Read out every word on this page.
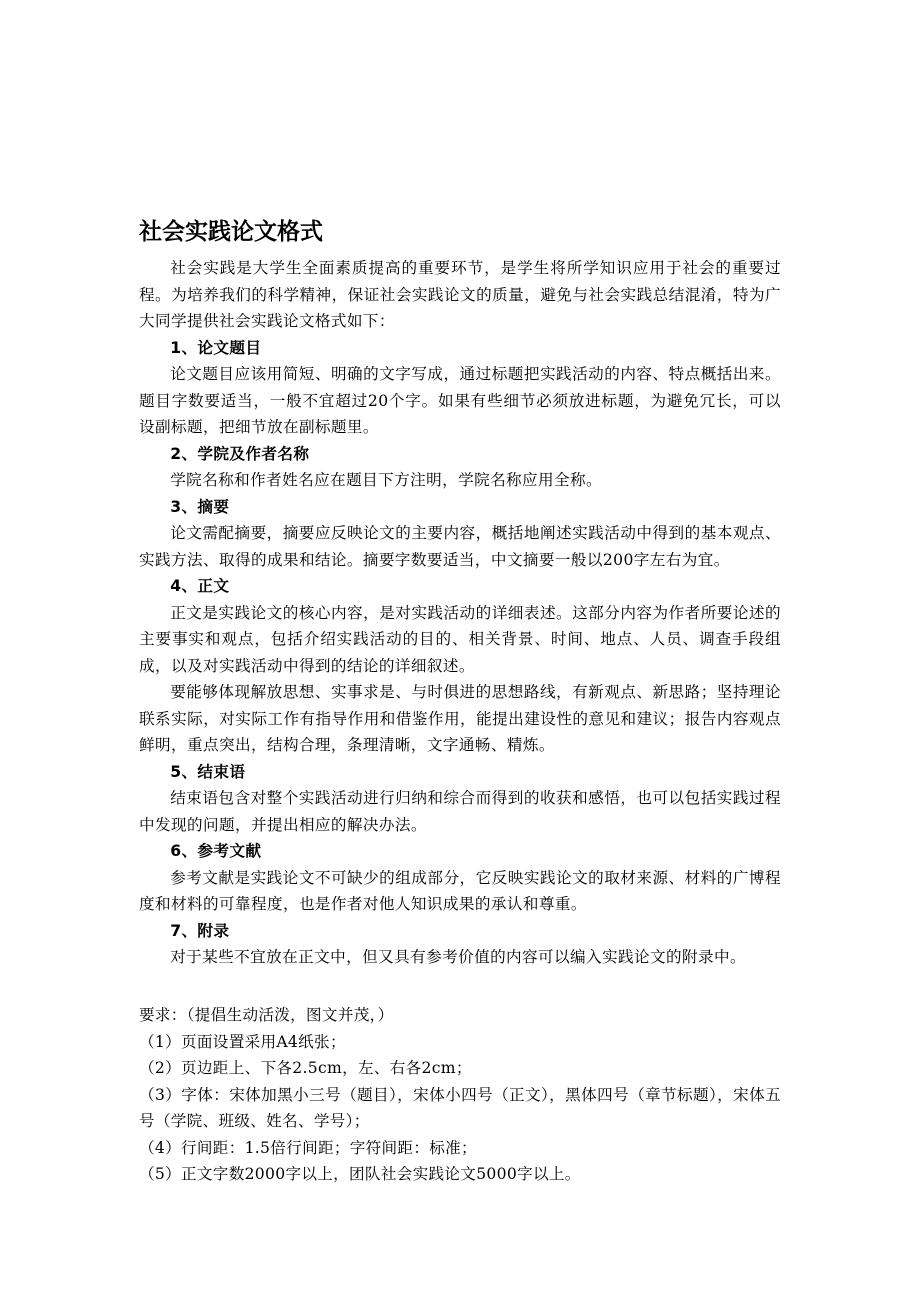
社会实践论文格式

社会实践是大学生全面素质提高的重要环节，是学生将所学知识应用于社会的重要过程。为培养我们的科学精神，保证社会实践论文的质量，避免与社会实践总结混淆，特为广大同学提供社会实践论文格式如下：

1、论文题目

论文题目应该用简短、明确的文字写成，通过标题把实践活动的内容、特点概括出来。题目字数要适当，一般不宜超过20个字。如果有些细节必须放进标题，为避免冗长，可以设副标题，把细节放在副标题里。

2、学院及作者名称

学院名称和作者姓名应在题目下方注明，学院名称应用全称。

3、摘要

论文需配摘要，摘要应反映论文的主要内容，概括地阐述实践活动中得到的基本观点、实践方法、取得的成果和结论。摘要字数要适当，中文摘要一般以200字左右为宜。

4、正文

正文是实践论文的核心内容，是对实践活动的详细表述。这部分内容为作者所要论述的主要事实和观点，包括介绍实践活动的目的、相关背景、时间、地点、人员、调查手段组成，以及对实践活动中得到的结论的详细叙述。

要能够体现解放思想、实事求是、与时俱进的思想路线，有新观点、新思路；坚持理论联系实际，对实际工作有指导作用和借鉴作用，能提出建设性的意见和建议；报告内容观点鲜明，重点突出，结构合理，条理清晰，文字通畅、精炼。

5、结束语

结束语包含对整个实践活动进行归纳和综合而得到的收获和感悟，也可以包括实践过程中发现的问题，并提出相应的解决办法。

6、参考文献

参考文献是实践论文不可缺少的组成部分，它反映实践论文的取材来源、材料的广博程度和材料的可靠程度，也是作者对他人知识成果的承认和尊重。

7、附录

对于某些不宜放在正文中，但又具有参考价值的内容可以编入实践论文的附录中。

要求：（提倡生动活泼，图文并茂，）

（1）页面设置采用A4纸张；

（2）页边距上、下各2.5cm，左、右各2cm；

（3）字体：宋体加黑小三号（题目），宋体小四号（正文），黑体四号（章节标题），宋体五号（学院、班级、姓名、学号）；

（4）行间距：1.5倍行间距；字符间距：标准；

（5）正文字数2000字以上，团队社会实践论文5000字以上。
